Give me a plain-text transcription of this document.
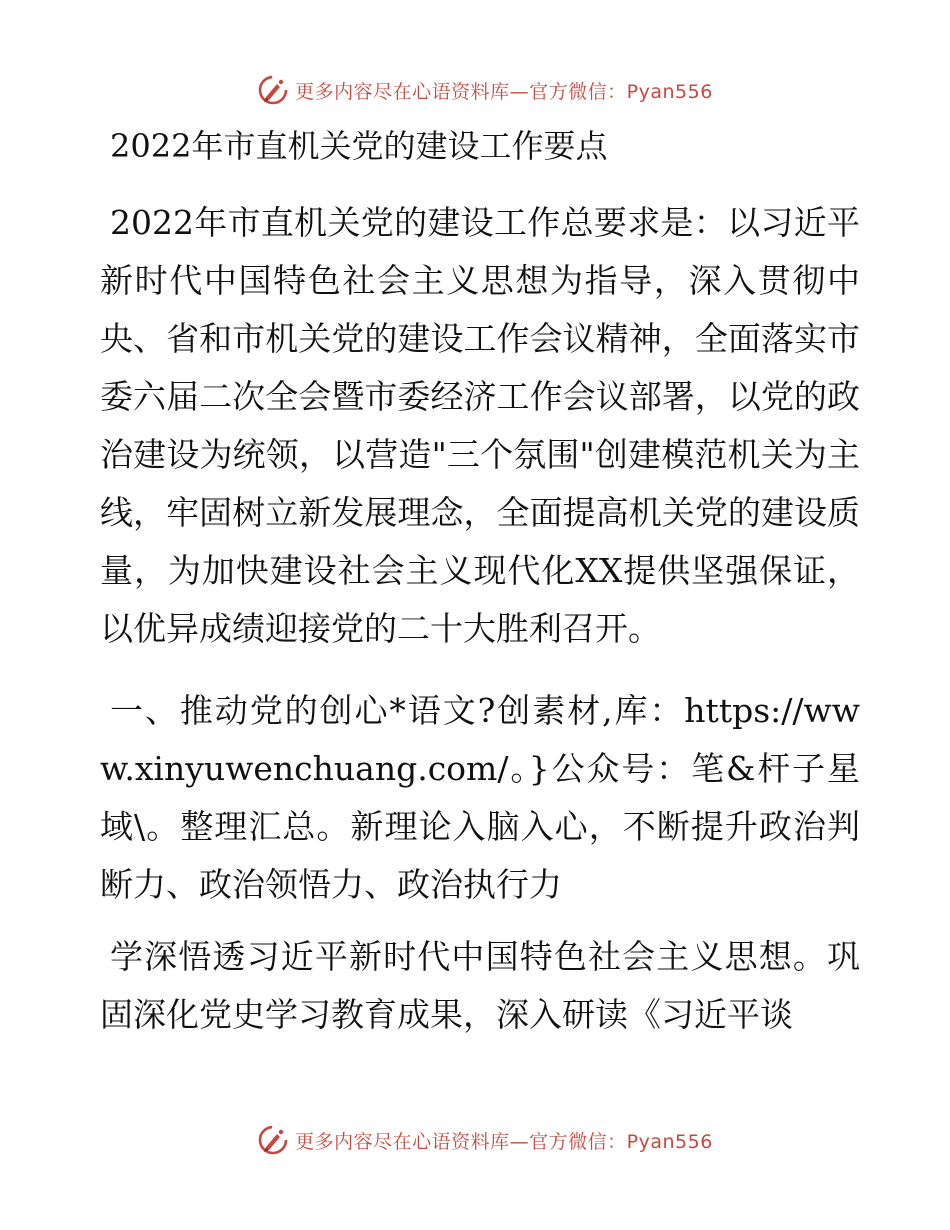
更多内容尽在心语资料库—官方微信：Pyan556
2022年市直机关党的建设工作要点

2022年市直机关党的建设工作总要求是：以习近平新时代中国特色社会主义思想为指导，深入贯彻中央、省和市机关党的建设工作会议精神，全面落实市委六届二次全会暨市委经济工作会议部署，以党的政治建设为统领，以营造"三个氛围"创建模范机关为主线，牢固树立新发展理念，全面提高机关党的建设质量，为加快建设社会主义现代化XX提供坚强保证，以优异成绩迎接党的二十大胜利召开。

一、推动党的创心*语文?创素材,库：https://www.xinyuwenchuang.com/。}公众号：笔&杆子星域\。整理汇总。新理论入脑入心，不断提升政治判断力、政治领悟力、政治执行力

学深悟透习近平新时代中国特色社会主义思想。巩固深化党史学习教育成果，深入研读《习近平谈

更多内容尽在心语资料库—官方微信：Pyan556
